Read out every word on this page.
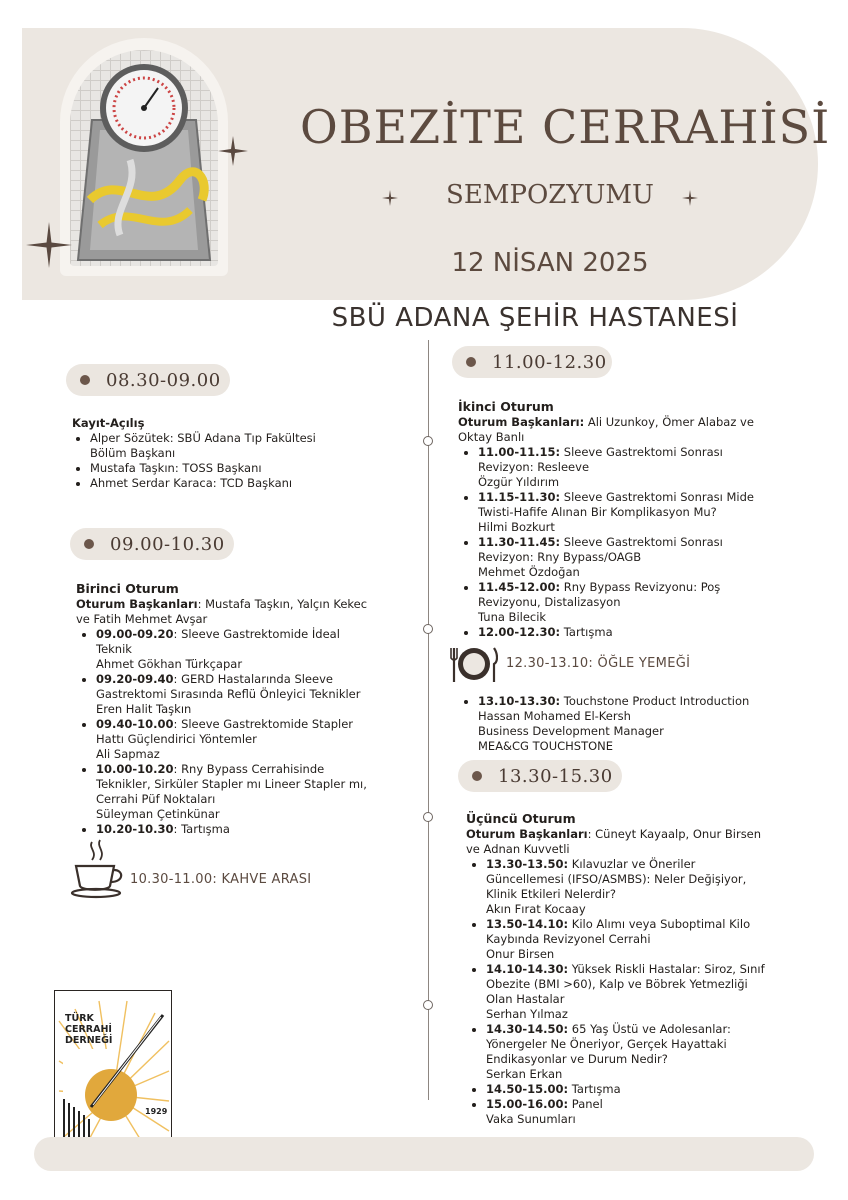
OBEZİTE CERRAHİSİ
SEMPOZYUMU
12 NİSAN 2025
SBÜ ADANA ŞEHİR HASTANESİ
08.30-09.00
Kayıt-Açılış
• Alper Sözütek: SBÜ Adana Tıp Fakültesi Bölüm Başkanı
• Mustafa Taşkın: TOSS Başkanı
• Ahmet Serdar Karaca: TCD Başkanı
09.00-10.30
Birinci Oturum
Oturum Başkanları: Mustafa Taşkın, Yalçın Kekec ve Fatih Mehmet Avşar
• 09.00-09.20: Sleeve Gastrektomide İdeal Teknik
Ahmet Gökhan Türkçapar
• 09.20-09.40: GERD Hastalarında Sleeve Gastrektomi Sırasında Reflü Önleyici Teknikler
Eren Halit Taşkın
• 09.40-10.00: Sleeve Gastrektomide Stapler Hattı Güçlendirici Yöntemler
Ali Sapmaz
• 10.00-10.20: Rny Bypass Cerrahisinde Teknikler, Sirküler Stapler mı Lineer Stapler mı, Cerrahi Püf Noktaları
Süleyman Çetinkünar
• 10.20-10.30: Tartışma
10.30-11.00: KAHVE ARASI
TÜRK
CERRAHİ
DERNEĞİ
1929
11.00-12.30
İkinci Oturum
Oturum Başkanları: Ali Uzunkoy, Ömer Alabaz ve Oktay Banlı
• 11.00-11.15: Sleeve Gastrektomi Sonrası Revizyon: Resleeve
Özgür Yıldırım
• 11.15-11.30: Sleeve Gastrektomi Sonrası Mide Twisti-Hafife Alınan Bir Komplikasyon Mu?
Hilmi Bozkurt
• 11.30-11.45: Sleeve Gastrektomi Sonrası Revizyon: Rny Bypass/OAGB
Mehmet Özdoğan
• 11.45-12.00: Rny Bypass Revizyonu: Poş Revizyonu, Distalizasyon
Tuna Bilecik
• 12.00-12.30: Tartışma
12.30-13.10: ÖĞLE YEMEĞİ
• 13.10-13.30: Touchstone Product Introduction
Hassan Mohamed El-Kersh
Business Development Manager
MEA&CG TOUCHSTONE
13.30-15.30
Üçüncü Oturum
Oturum Başkanları: Cüneyt Kayaalp, Onur Birsen ve Adnan Kuvvetli
• 13.30-13.50: Kılavuzlar ve Öneriler Güncellemesi (IFSO/ASMBS): Neler Değişiyor, Klinik Etkileri Nelerdir?
Akın Fırat Kocaay
• 13.50-14.10: Kilo Alımı veya Suboptimal Kilo Kaybında Revizyonel Cerrahi
Onur Birsen
• 14.10-14.30: Yüksek Riskli Hastalar: Siroz, Sınıf Obezite (BMI >60), Kalp ve Böbrek Yetmezliği Olan Hastalar
Serhan Yılmaz
• 14.30-14.50: 65 Yaş Üstü ve Adolesanlar: Yönergeler Ne Öneriyor, Gerçek Hayattaki Endikasyonlar ve Durum Nedir?
Serkan Erkan
• 14.50-15.00: Tartışma
• 15.00-16.00: Panel
Vaka Sunumları
